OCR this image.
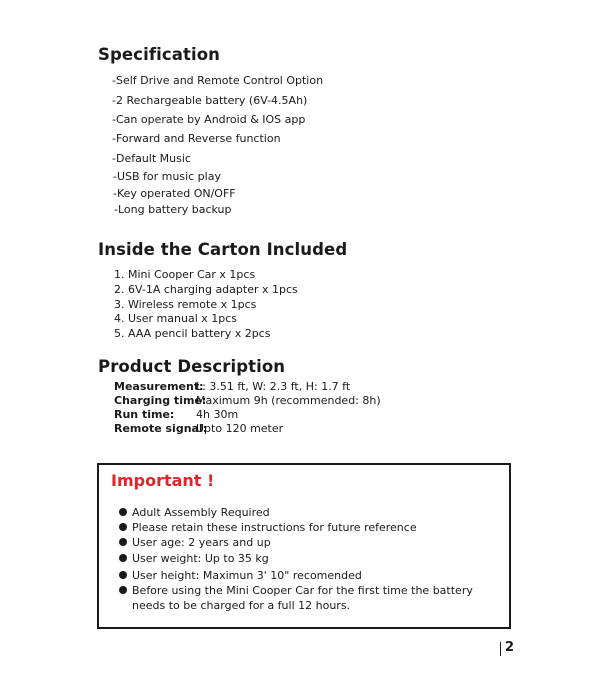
Specification
-Self Drive and Remote Control Option
-2 Rechargeable battery (6V-4.5Ah)
-Can operate by Android & IOS app
-Forward and Reverse function
-Default Music
-USB for music play
-Key operated ON/OFF
-Long battery backup
Inside the Carton Included
1. Mini Cooper Car x 1pcs
2. 6V-1A charging adapter x 1pcs
3. Wireless remote x 1pcs
4. User manual x 1pcs
5. AAA pencil battery x 2pcs
Product Description
Measurement:
L: 3.51 ft, W: 2.3 ft, H: 1.7 ft
Charging time:
Maximum 9h (recommended: 8h)
Run time: 4h 30m
Remote signal:
Upto 120 meter
Important !
Adult Assembly Required
Please retain these instructions for future reference
User age: 2 years and up
User weight: Up to 35 kg
User height: Maximun 3' 10" recomended
Before using the Mini Cooper Car for the first time the battery needs to be charged for a full 12 hours.
2
